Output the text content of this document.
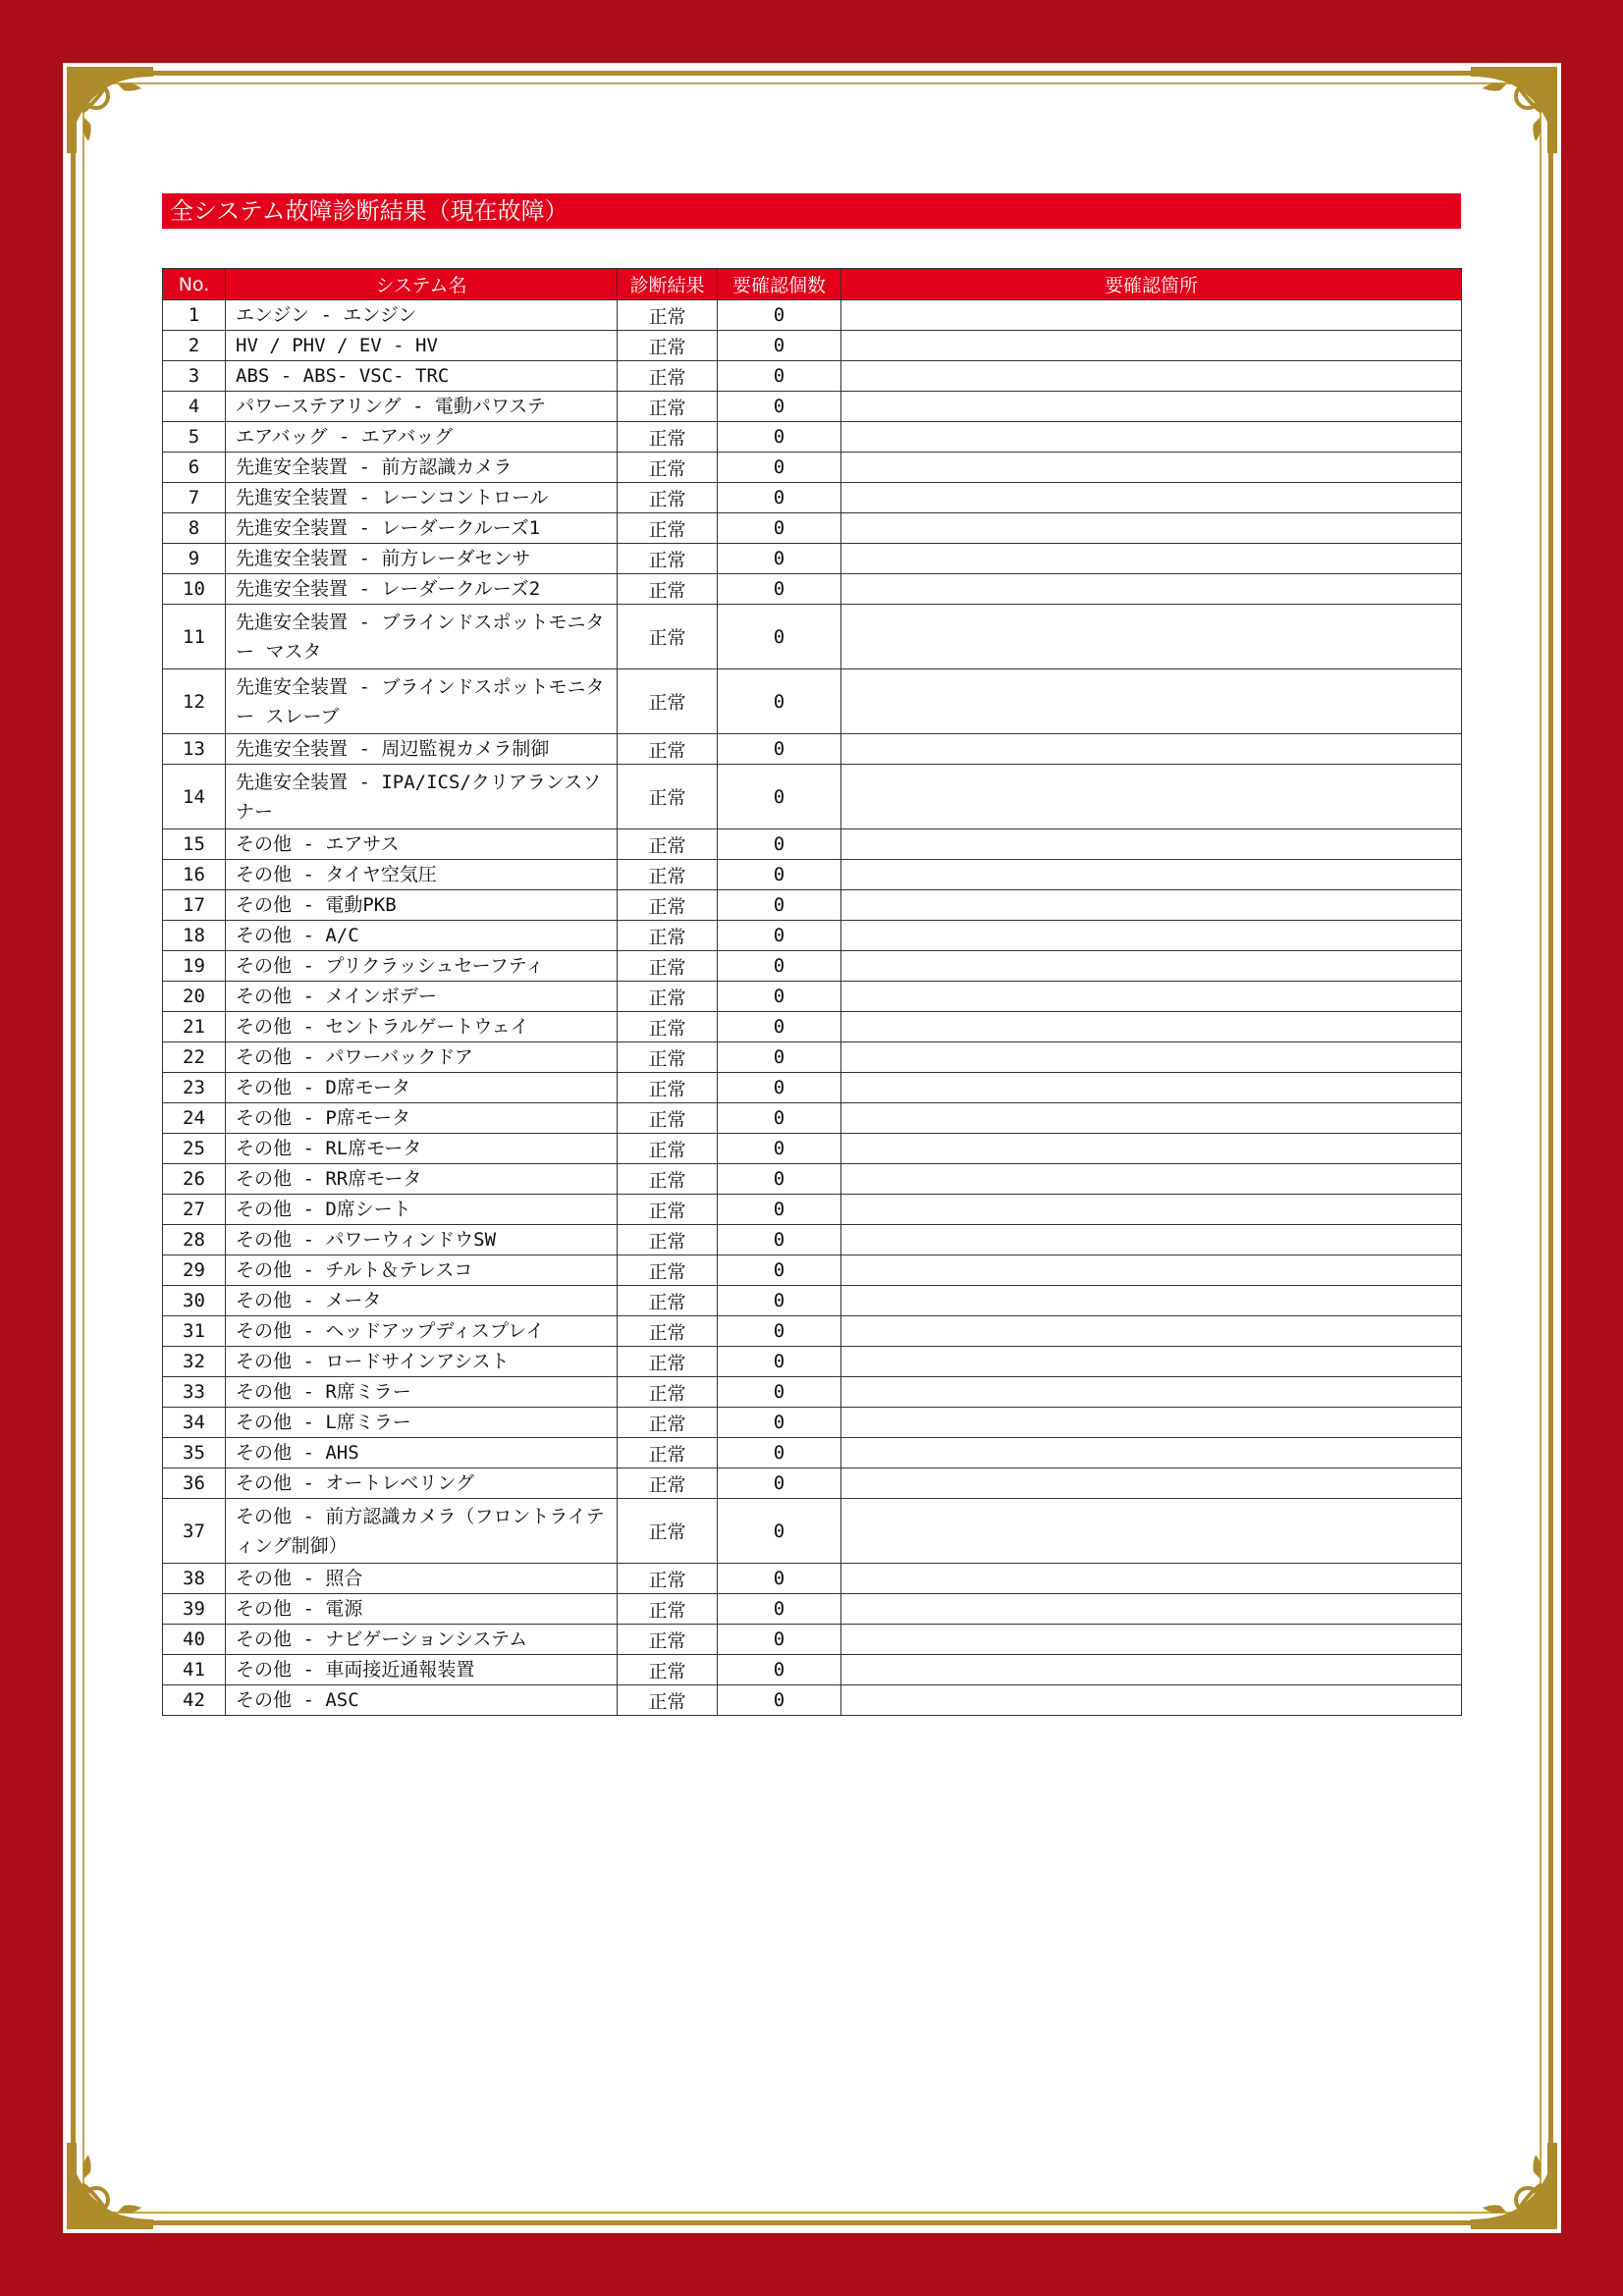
全システム故障診断結果（現在故障）
No.	システム名	診断結果	要確認個数	要確認箇所
1	エンジン - エンジン	正常	0	
2	HV / PHV / EV - HV	正常	0	
3	ABS - ABS- VSC- TRC	正常	0	
4	パワーステアリング - 電動パワステ	正常	0	
5	エアバッグ - エアバッグ	正常	0	
6	先進安全装置 - 前方認識カメラ	正常	0	
7	先進安全装置 - レーンコントロール	正常	0	
8	先進安全装置 - レーダークルーズ1	正常	0	
9	先進安全装置 - 前方レーダセンサ	正常	0	
10	先進安全装置 - レーダークルーズ2	正常	0	
11	先進安全装置 - ブラインドスポットモニター マスタ	正常	0	
12	先進安全装置 - ブラインドスポットモニター スレーブ	正常	0	
13	先進安全装置 - 周辺監視カメラ制御	正常	0	
14	先進安全装置 - IPA/ICS/クリアランスソナー	正常	0	
15	その他 - エアサス	正常	0	
16	その他 - タイヤ空気圧	正常	0	
17	その他 - 電動PKB	正常	0	
18	その他 - A/C	正常	0	
19	その他 - プリクラッシュセーフティ	正常	0	
20	その他 - メインボデー	正常	0	
21	その他 - セントラルゲートウェイ	正常	0	
22	その他 - パワーバックドア	正常	0	
23	その他 - D席モータ	正常	0	
24	その他 - P席モータ	正常	0	
25	その他 - RL席モータ	正常	0	
26	その他 - RR席モータ	正常	0	
27	その他 - D席シート	正常	0	
28	その他 - パワーウィンドウSW	正常	0	
29	その他 - チルト＆テレスコ	正常	0	
30	その他 - メータ	正常	0	
31	その他 - ヘッドアップディスプレイ	正常	0	
32	その他 - ロードサインアシスト	正常	0	
33	その他 - R席ミラー	正常	0	
34	その他 - L席ミラー	正常	0	
35	その他 - AHS	正常	0	
36	その他 - オートレベリング	正常	0	
37	その他 - 前方認識カメラ（フロントライティング制御）	正常	0	
38	その他 - 照合	正常	0	
39	その他 - 電源	正常	0	
40	その他 - ナビゲーションシステム	正常	0	
41	その他 - 車両接近通報装置	正常	0	
42	その他 - ASC	正常	0	
